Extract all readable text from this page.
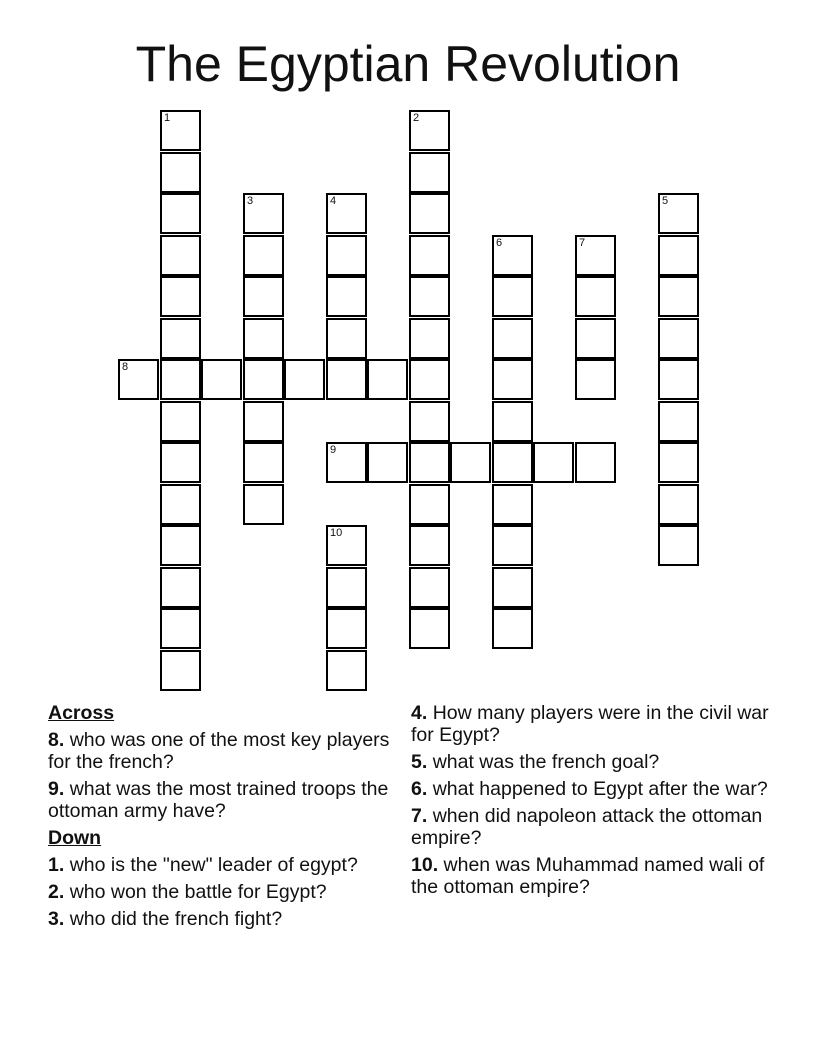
The Egyptian Revolution
1	2
3	4	5
6	7
8
9
10
Across
8. who was one of the most key players for the french?
9. what was the most trained troops the ottoman army have?
Down
1. who is the "new" leader of egypt?
2. who won the battle for Egypt?
3. who did the french fight?
4. How many players were in the civil war for Egypt?
5. what was the french goal?
6. what happened to Egypt after the war?
7. when did napoleon attack the ottoman empire?
10. when was Muhammad named wali of the ottoman empire?
